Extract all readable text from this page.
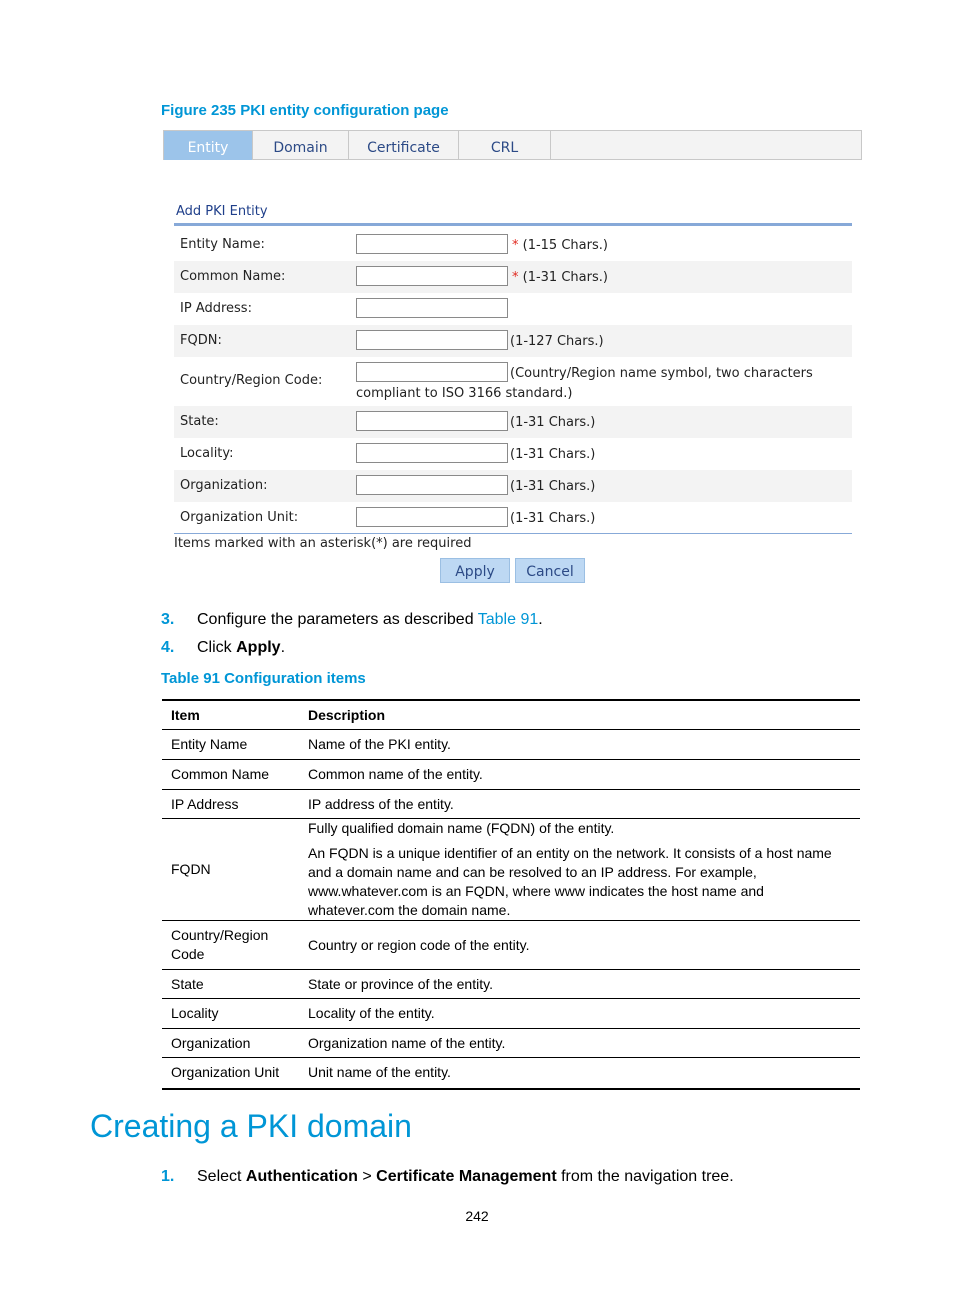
Figure 235 PKI entity configuration page
Entity	Domain	Certificate	CRL
Add PKI Entity
Entity Name:	* (1-15 Chars.)
Common Name:	* (1-31 Chars.)
IP Address:
FQDN:	(1-127 Chars.)
Country/Region Code:	(Country/Region name symbol, two characters
compliant to ISO 3166 standard.)
State:	(1-31 Chars.)
Locality:	(1-31 Chars.)
Organization:	(1-31 Chars.)
Organization Unit:	(1-31 Chars.)
Items marked with an asterisk(*) are required
Apply	Cancel
3. Configure the parameters as described Table 91.
4. Click Apply.
Table 91 Configuration items
Item	Description
Entity Name	Name of the PKI entity.
Common Name	Common name of the entity.
IP Address	IP address of the entity.
FQDN	Fully qualified domain name (FQDN) of the entity.
An FQDN is a unique identifier of an entity on the network. It consists of a host name and a domain name and can be resolved to an IP address. For example, www.whatever.com is an FQDN, where www indicates the host name and whatever.com the domain name.

Country/Region Code	Country or region code of the entity.
State	State or province of the entity.
Locality	Locality of the entity.
Organization	Organization name of the entity.
Organization Unit	Unit name of the entity.
Creating a PKI domain
1. Select Authentication > Certificate Management from the navigation tree.
242
